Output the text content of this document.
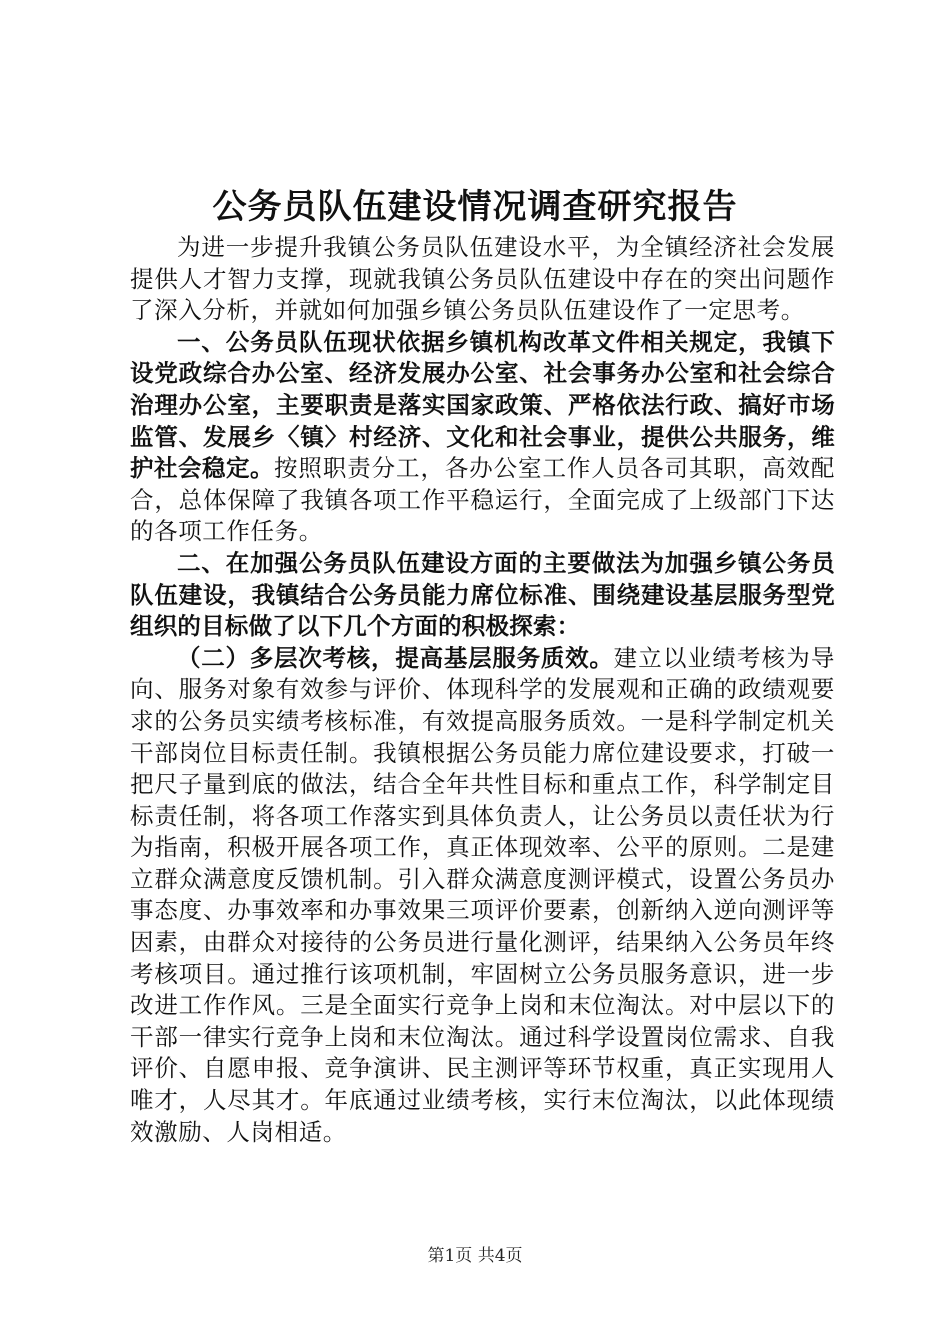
公务员队伍建设情况调查研究报告

为进一步提升我镇公务员队伍建设水平，为全镇经济社会发展提供人才智力支撑，现就我镇公务员队伍建设中存在的突出问题作了深入分析，并就如何加强乡镇公务员队伍建设作了一定思考。

一、公务员队伍现状依据乡镇机构改革文件相关规定，我镇下设党政综合办公室、经济发展办公室、社会事务办公室和社会综合治理办公室，主要职责是落实国家政策、严格依法行政、搞好市场监管、发展乡〈镇〉村经济、文化和社会事业，提供公共服务，维护社会稳定。按照职责分工，各办公室工作人员各司其职，高效配合，总体保障了我镇各项工作平稳运行，全面完成了上级部门下达的各项工作任务。

二、在加强公务员队伍建设方面的主要做法为加强乡镇公务员队伍建设，我镇结合公务员能力席位标准、围绕建设基层服务型党组织的目标做了以下几个方面的积极探索：

（二）多层次考核，提高基层服务质效。建立以业绩考核为导向、服务对象有效参与评价、体现科学的发展观和正确的政绩观要求的公务员实绩考核标准，有效提高服务质效。一是科学制定机关干部岗位目标责任制。我镇根据公务员能力席位建设要求，打破一把尺子量到底的做法，结合全年共性目标和重点工作，科学制定目标责任制，将各项工作落实到具体负责人，让公务员以责任状为行为指南，积极开展各项工作，真正体现效率、公平的原则。二是建立群众满意度反馈机制。引入群众满意度测评模式，设置公务员办事态度、办事效率和办事效果三项评价要素，创新纳入逆向测评等因素，由群众对接待的公务员进行量化测评，结果纳入公务员年终考核项目。通过推行该项机制，牢固树立公务员服务意识，进一步改进工作作风。三是全面实行竞争上岗和末位淘汰。对中层以下的干部一律实行竞争上岗和末位淘汰。通过科学设置岗位需求、自我评价、自愿申报、竞争演讲、民主测评等环节权重，真正实现用人唯才，人尽其才。年底通过业绩考核，实行末位淘汰，以此体现绩效激励、人岗相适。

第1页 共4页
